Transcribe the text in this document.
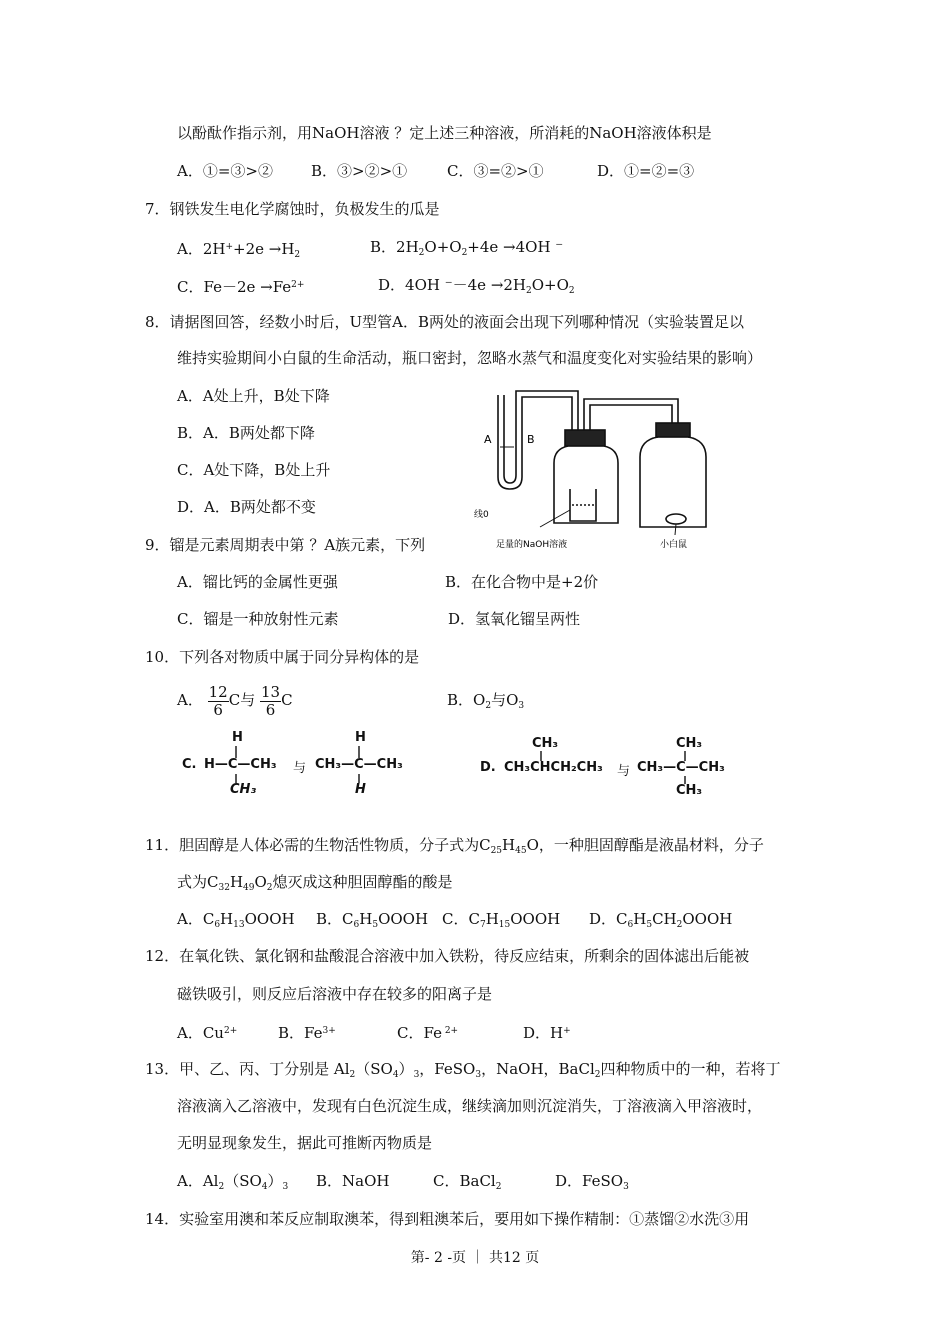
以酚酞作指示剂，用NaOH溶液 ？定上述三种溶液，所消耗的NaOH溶液体积是
A．①=③>②	B．③>②>①	C．③=②>①	D．①=②=③
7．钢铁发生电化学腐蚀时，负极发生的瓜是
A．$2H^++2e \to H_2$	B．$2H_2O+O_2+4e \to 4OH$ ⁻
C．$Fe-2e \to Fe^{2+}$	D．4OH $^--4e \to 2H_2O+O_2$
8．请据图回答，经数小时后，U型管A．B两处的液面会出现下列哪种情况（实验装置足以
维持实验期间小白鼠的生命活动，瓶口密封，忽略水蒸气和温度变化对实验结果的影响）
A．A处上升，B处下降
B．A．B两处都下降
C．A处下降，B处上升
D．A．B两处都不变
A	B
线0
足量的NaOH溶液	小白鼠
9．镏是元素周期表中第 ？A族元素，下列
A．镏比钙的金属性更强	B．在化合物中是+2价
C．镏是一种放射性元素	D．氢氧化镏呈两性
10．下列各对物质中属于同分异构体的是
A． $\frac{12}{6}$ C与 $\frac{13}{6}$ C	B．$O_2$与$O_3$
C.
H
H—C—CH₃
CH₃
与
H
CH₃—C—CH₃
H
D.
CH₃
CH₃CHCH₂CH₃ 与
CH₃
CH₃—C—CH₃
CH₃
11．胆固醇是人体必需的生物活性物质，分子式为$C_{25}H_{45}O$，一种胆固醇酯是液晶材料，分子
式为$C_{32}H_{49}O_2$熄灭成这种胆固醇酯的酸是
A．$C_6H_{13}OOOH$ B．$C_6H_5OOOH$ C．$C_7H_{15}OOOH$ D．$C_6H_5CH_2OOOH$
12．在氧化铁、氯化钢和盐酸混合溶液中加入铁粉，待反应结束，所剩余的固体滤出后能被
磁铁吸引，则反应后溶液中存在较多的阳离子是
A．$Cu^{2+}$	B．$Fe^{3+}$	C．Fe $^{2+}$	D．H+
13．甲、乙、丙、丁分别是 $Al_2(SO_4)_3$，FeSO$_3$，NaOH，BaCl$_2$四种物质中的一种，若将丁
溶液滴入乙溶液中，发现有白色沉淀生成，继续滴加则沉淀消失，丁溶液滴入甲溶液时，
无明显现象发生，据此可推断丙物质是
A．$Al_2(SO_4)_3$ B．NaOH	C．BaCl$_2$	D．FeSO$_3$
14．实验室用澳和苯反应制取澳苯，得到粗澳苯后，要用如下操作精制：①蒸馏②水洗③用
第- 2 -页 ｜ 共12 页
